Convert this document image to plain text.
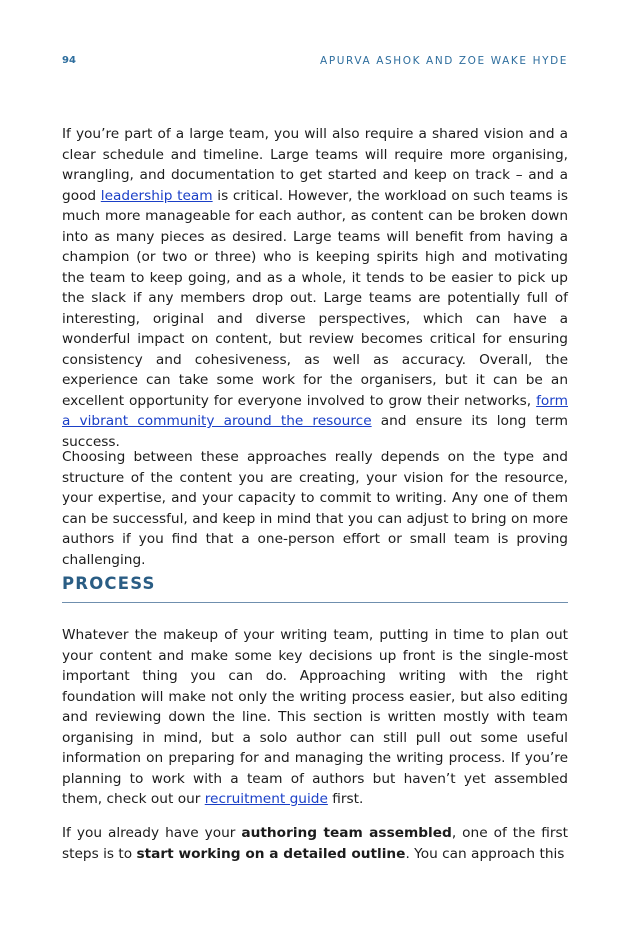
94	APURVA ASHOK AND ZOE WAKE HYDE

If you’re part of a large team, you will also require a shared vision and a clear schedule and timeline. Large teams will require more organising, wrangling, and documentation to get started and keep on track – and a good leadership team is critical. However, the workload on such teams is much more manageable for each author, as content can be broken down into as many pieces as desired. Large teams will benefit from having a champion (or two or three) who is keeping spirits high and motivating the team to keep going, and as a whole, it tends to be easier to pick up the slack if any members drop out. Large teams are potentially full of interesting, original and diverse perspectives, which can have a wonderful impact on content, but review becomes critical for ensuring consistency and cohesiveness, as well as accuracy. Overall, the experience can take some work for the organisers, but it can be an excellent opportunity for everyone involved to grow their networks, form a vibrant community around the resource and ensure its long term success.

Choosing between these approaches really depends on the type and structure of the content you are creating, your vision for the resource, your expertise, and your capacity to commit to writing. Any one of them can be successful, and keep in mind that you can adjust to bring on more authors if you find that a one-person effort or small team is proving challenging.

PROCESS

Whatever the makeup of your writing team, putting in time to plan out your content and make some key decisions up front is the single-most important thing you can do. Approaching writing with the right foundation will make not only the writing process easier, but also editing and reviewing down the line. This section is written mostly with team organising in mind, but a solo author can still pull out some useful information on preparing for and managing the writing process. If you’re planning to work with a team of authors but haven’t yet assembled them, check out our recruitment guide first.

If you already have your authoring team assembled, one of the first steps is to start working on a detailed outline. You can approach this
